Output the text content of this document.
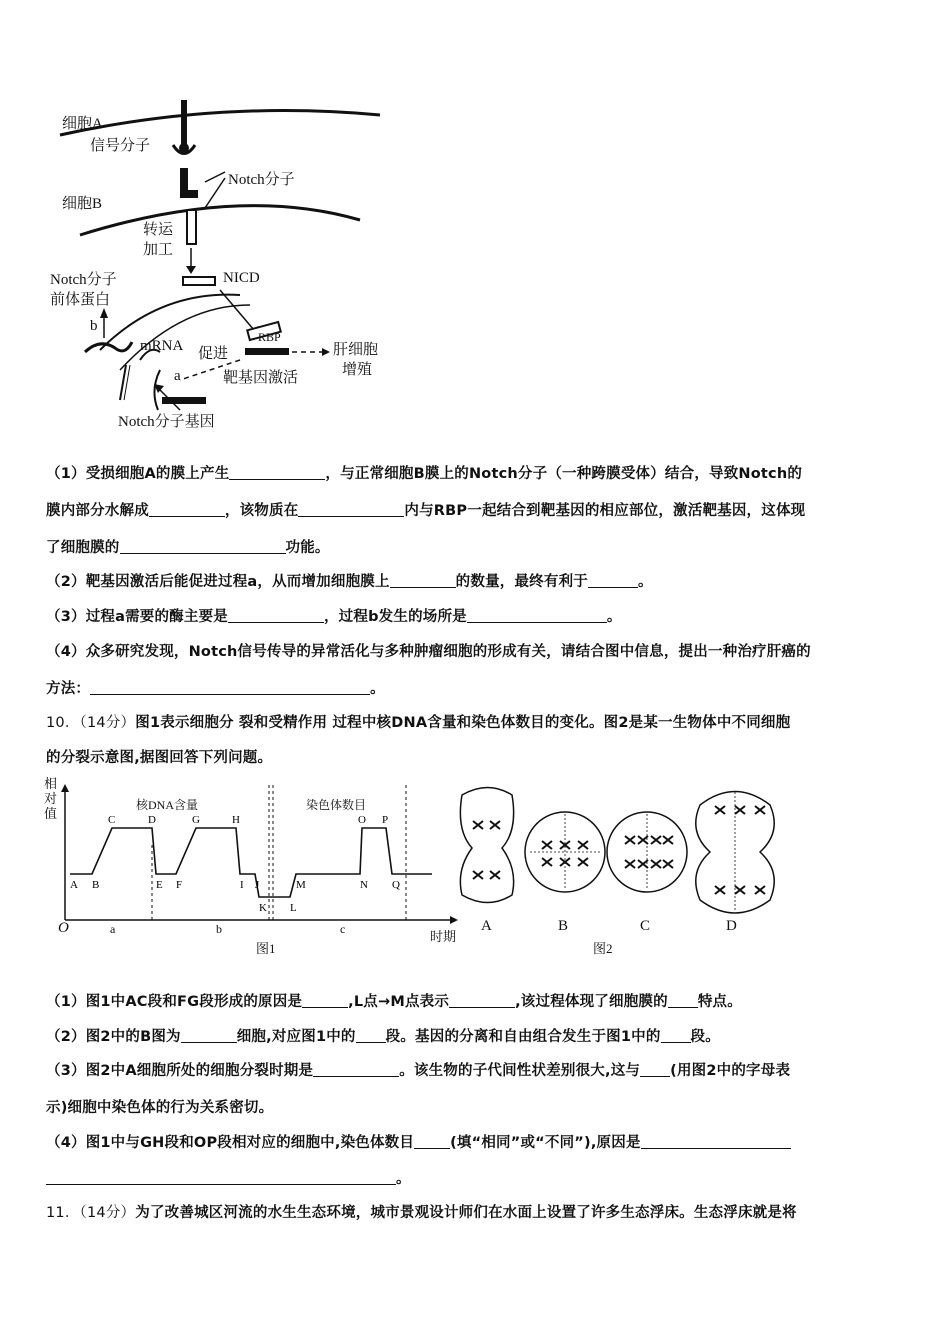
细胞A
信号分子
Notch分子
细胞B
转运
加工
Notch分子
前体蛋白
NICD
b
mRNA 促进
RBP
肝细胞
增殖
a	靶基因激活
Notch分子基因
（1）受损细胞A的膜上产生	，与正常细胞B膜上的Notch分子（一种跨膜受体）结合，导致Notch的
膜内部分水解成	，该物质在	内与RBP一起结合到靶基因的相应部位，激活靶基因，这体现
了细胞膜的	功能。
（2）靶基因激活后能促进过程a，从而增加细胞膜上	的数量，最终有利于	。
（3）过程a需要的酶主要是	，过程b发生的场所是	。
（4）众多研究发现，Notch信号传导的异常活化与多种肿瘤细胞的形成有关，请结合图中信息，提出一种治疗肝癌的
方法：	。
10．（14分）图1表示细胞分 裂和受精作用 过程中核DNA含量和染色体数目的变化。图2是某一生物体中不同细胞
的分裂示意图,据图回答下列问题。
A B
C	D
E F
G	H
I J
K L
M	N
O P
Q
相对值
O
时期
核DNA含量	染色体数目
a	b	c
图1
A	B	C	D
图2
（1）图1中AC段和FG段形成的原因是	,L点→M点表示	,该过程体现了细胞膜的 特点。
（2）图2中的B图为	细胞,对应图1中的 段。基因的分离和自由组合发生于图1中的 段。
（3）图2中A细胞所处的细胞分裂时期是	。该生物的子代间性状差别很大,这与 (用图2中的字母表
示)细胞中染色体的行为关系密切。
（4）图1中与GH段和OP段相对应的细胞中,染色体数目 (填“相同”或“不同”),原因是
。
11．（14分）为了改善城区河流的水生生态环境，城市景观设计师们在水面上设置了许多生态浮床。生态浮床就是将
